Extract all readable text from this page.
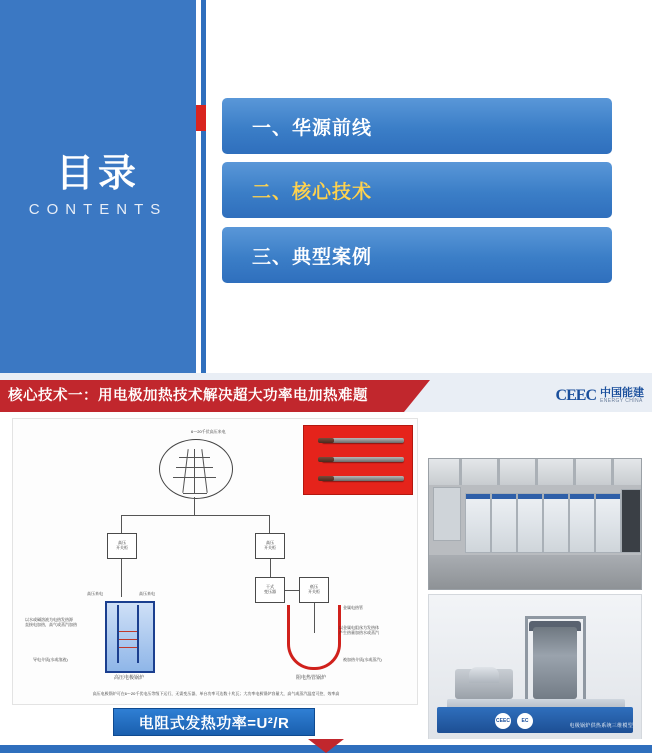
目录
CONTENTS
一、华源前线
二、核心技术
三、典型案例
核心技术一：用电极加热技术解决超大功率电加热难题	CEEC 中国能建
ENERGY CHINA
6～20千伏高压来电
高压
开关柜
高压
开关柜
干式
变压器
低压
开关柜
高压来电	高压来电
以水或碱溶液为电热发热源
直接电加热，高气或蒸汽加热
导电介质(水或溶液)
高压电极锅炉
金属电热管
以金属电阻丝为发热体
产生热量加热水或蒸汽
被加热介质(水或蒸汽)
阻电热管锅炉
高压电极锅炉可在6～20千伏电压等级下运行，无需变压器，单台功率可达数十兆瓦；大功率电极锅炉容量大，高气或蒸汽温度可控，效率高
电阻式发热功率=U²/R	CEEC	EC
电极锅炉供热系统三维模型
